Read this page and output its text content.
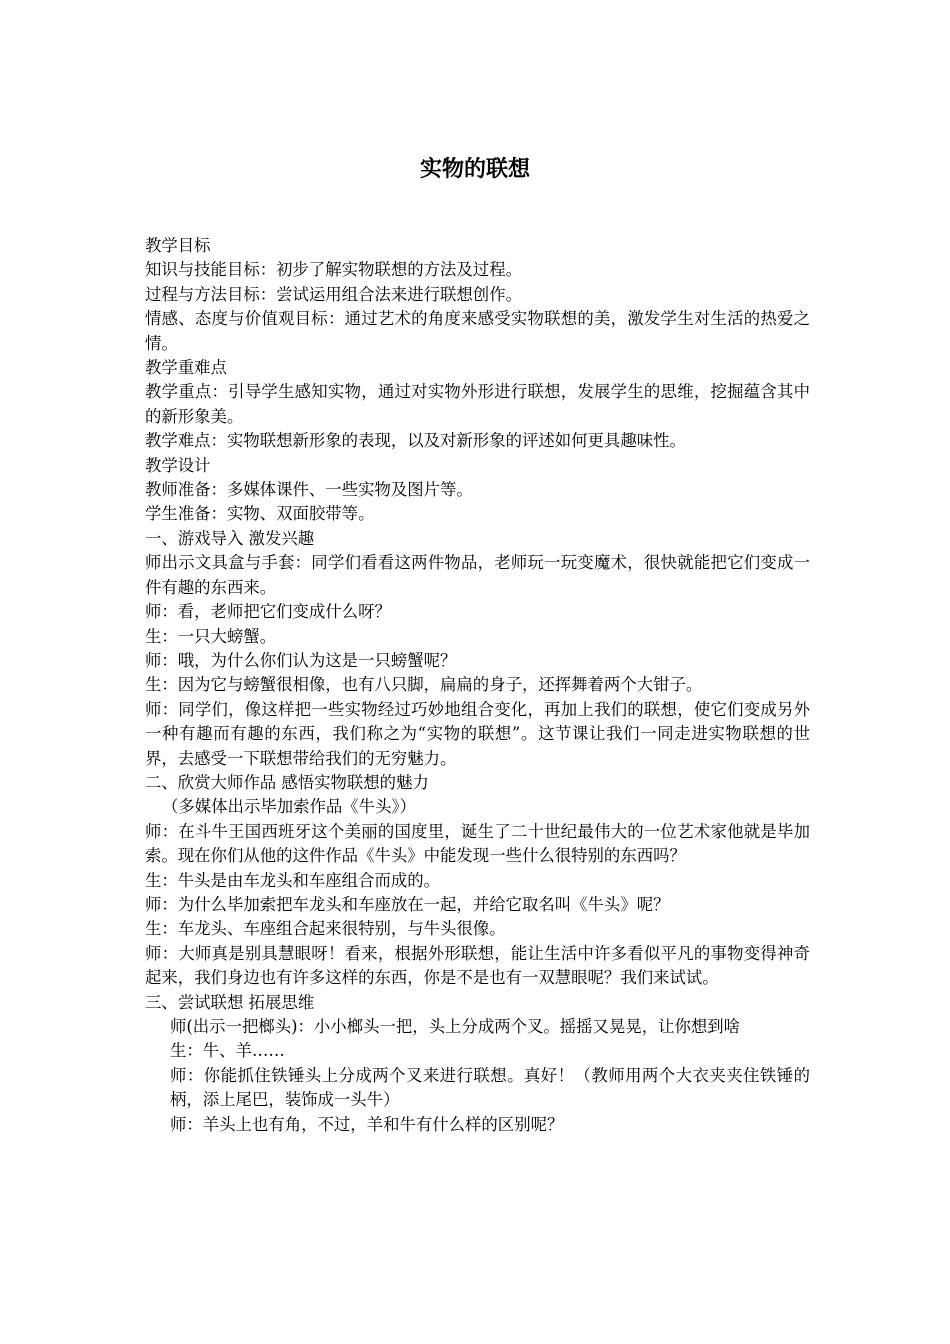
实物的联想

教学目标

知识与技能目标：初步了解实物联想的方法及过程。

过程与方法目标：尝试运用组合法来进行联想创作。

情感、态度与价值观目标：通过艺术的角度来感受实物联想的美，激发学生对生活的热爱之情。

教学重难点

教学重点：引导学生感知实物，通过对实物外形进行联想，发展学生的思维，挖掘蕴含其中的新形象美。

教学难点：实物联想新形象的表现，以及对新形象的评述如何更具趣味性。

教学设计

教师准备：多媒体课件、一些实物及图片等。

学生准备：实物、双面胶带等。

一、游戏导入 激发兴趣

师出示文具盒与手套：同学们看看这两件物品，老师玩一玩变魔术，很快就能把它们变成一件有趣的东西来。

师：看，老师把它们变成什么呀？

生：一只大螃蟹。

师：哦，为什么你们认为这是一只螃蟹呢？

生：因为它与螃蟹很相像，也有八只脚，扁扁的身子，还挥舞着两个大钳子。

师：同学们，像这样把一些实物经过巧妙地组合变化，再加上我们的联想，使它们变成另外一种有趣而有趣的东西，我们称之为“实物的联想”。这节课让我们一同走进实物联想的世界，去感受一下联想带给我们的无穷魅力。

二、欣赏大师作品 感悟实物联想的魅力

（多媒体出示毕加索作品《牛头》）

师：在斗牛王国西班牙这个美丽的国度里，诞生了二十世纪最伟大的一位艺术家他就是毕加索。现在你们从他的这件作品《牛头》中能发现一些什么很特别的东西吗？

生：牛头是由车龙头和车座组合而成的。

师：为什么毕加索把车龙头和车座放在一起，并给它取名叫《牛头》呢？

生：车龙头、车座组合起来很特别，与牛头很像。

师：大师真是别具慧眼呀！看来，根据外形联想，能让生活中许多看似平凡的事物变得神奇起来，我们身边也有许多这样的东西，你是不是也有一双慧眼呢？我们来试试。

三、尝试联想 拓展思维

师(出示一把榔头)：小小榔头一把，头上分成两个叉。摇摇又晃晃，让你想到啥

生：牛、羊……

师：你能抓住铁锤头上分成两个叉来进行联想。真好！（教师用两个大衣夹夹住铁锤的柄，添上尾巴，装饰成一头牛）

师：羊头上也有角，不过，羊和牛有什么样的区别呢？
